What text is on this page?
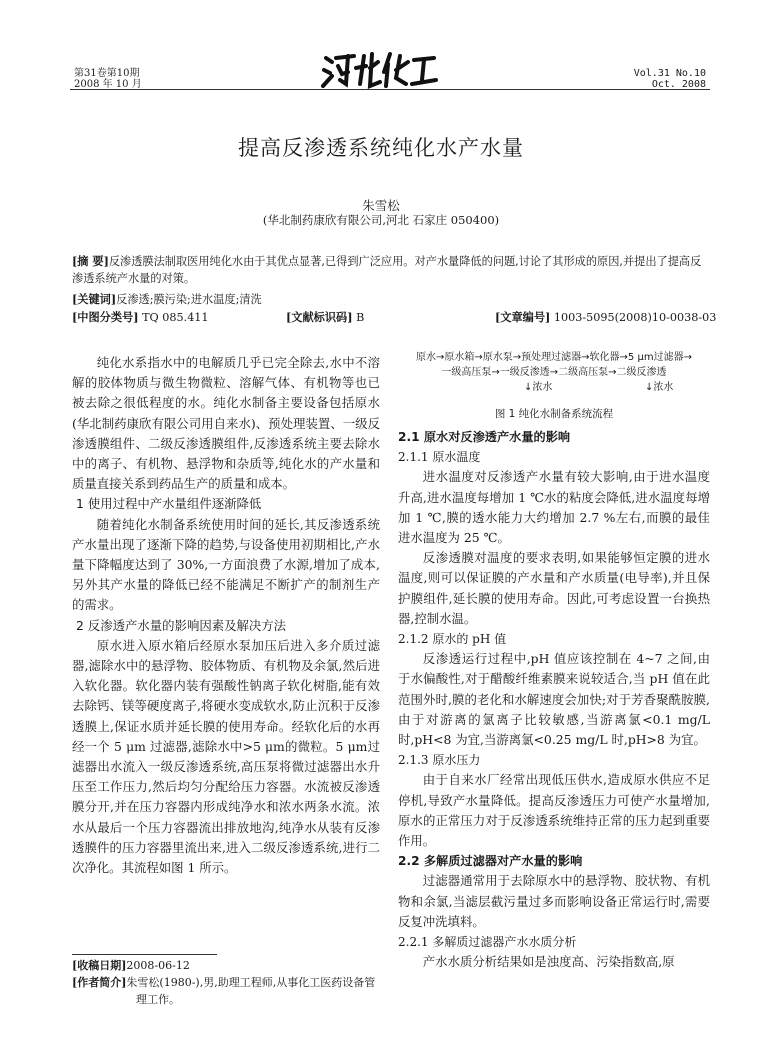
第31卷第10期
2008 年 10 月
Vol.31 No.10
Oct. 2008
提高反渗透系统纯化水产水量
朱雪松
(华北制药康欣有限公司,河北 石家庄 050400)
[摘 要]反渗透膜法制取医用纯化水由于其优点显著,已得到广泛应用。对产水量降低的问题,讨论了其形成的原因,并提出了提高反渗透系统产水量的对策。
[关键词]反渗透;膜污染;进水温度;清洗
[中图分类号] TQ 085.411	[文献标识码] B	[文章编号] 1003-5095(2008)10-0038-03

纯化水系指水中的电解质几乎已完全除去,水中不溶解的胶体物质与微生物微粒、溶解气体、有机物等也已被去除之很低程度的水。纯化水制备主要设备包括原水(华北制药康欣有限公司用自来水)、预处理装置、一级反渗透膜组件、二级反渗透膜组件,反渗透系统主要去除水中的离子、有机物、悬浮物和杂质等,纯化水的产水量和质量直接关系到药品生产的质量和成本。

1 使用过程中产水量组件逐渐降低

随着纯化水制备系统使用时间的延长,其反渗透系统产水量出现了逐渐下降的趋势,与设备使用初期相比,产水量下降幅度达到了 30%,一方面浪费了水源,增加了成本,另外其产水量的降低已经不能满足不断扩产的制剂生产的需求。

2 反渗透产水量的影响因素及解决方法

原水进入原水箱后经原水泵加压后进入多介质过滤器,滤除水中的悬浮物、胶体物质、有机物及余氯,然后进入软化器。软化器内装有强酸性钠离子软化树脂,能有效去除钙、镁等硬度离子,将硬水变成软水,防止沉积于反渗透膜上,保证水质并延长膜的使用寿命。经软化后的水再经一个 5 μm 过滤器,滤除水中>5 μm的微粒。5 μm过滤器出水流入一级反渗透系统,高压泵将微过滤器出水升压至工作压力,然后均匀分配给压力容器。水流被反渗透膜分开,并在压力容器内形成纯净水和浓水两条水流。浓水从最后一个压力容器流出排放地沟,纯净水从装有反渗透膜件的压力容器里流出来,进入二级反渗透系统,进行二次净化。其流程如图 1 所示。

[收稿日期]2008-06-12
[作者简介]朱雪松(1980-),男,助理工程师,从事化工医药设备管理工作。
原水→原水箱→原水泵→预处理过滤器→软化器→5 μm过滤器→
一级高压泵→一级反渗透→二级高压泵→二级反渗透
↓浓水	↓浓水
图 1 纯化水制备系统流程

2.1 原水对反渗透产水量的影响

2.1.1 原水温度

进水温度对反渗透产水量有较大影响,由于进水温度升高,进水温度每增加 1 ℃水的粘度会降低,进水温度每增加 1 ℃,膜的透水能力大约增加 2.7 %左右,而膜的最佳进水温度为 25 ℃。

反渗透膜对温度的要求表明,如果能够恒定膜的进水温度,则可以保证膜的产水量和产水质量(电导率),并且保护膜组件,延长膜的使用寿命。因此,可考虑设置一台换热器,控制水温。

2.1.2 原水的 pH 值

反渗透运行过程中,pH 值应该控制在 4~7 之间,由于水偏酸性,对于醋酸纤维素膜来说较适合,当 pH 值在此范围外时,膜的老化和水解速度会加快;对于芳香聚酰胺膜,由于对游离的氯离子比较敏感,当游离氯<0.1 mg/L 时,pH<8 为宜,当游离氯<0.25 mg/L 时,pH>8 为宜。

2.1.3 原水压力

由于自来水厂经常出现低压供水,造成原水供应不足停机,导致产水量降低。提高反渗透压力可使产水量增加,原水的正常压力对于反渗透系统维持正常的压力起到重要作用。

2.2 多解质过滤器对产水量的影响

过滤器通常用于去除原水中的悬浮物、胶状物、有机物和余氯,当滤层截污量过多而影响设备正常运行时,需要反复冲洗填料。

2.2.1 多解质过滤器产水水质分析

产水水质分析结果如是浊度高、污染指数高,原
